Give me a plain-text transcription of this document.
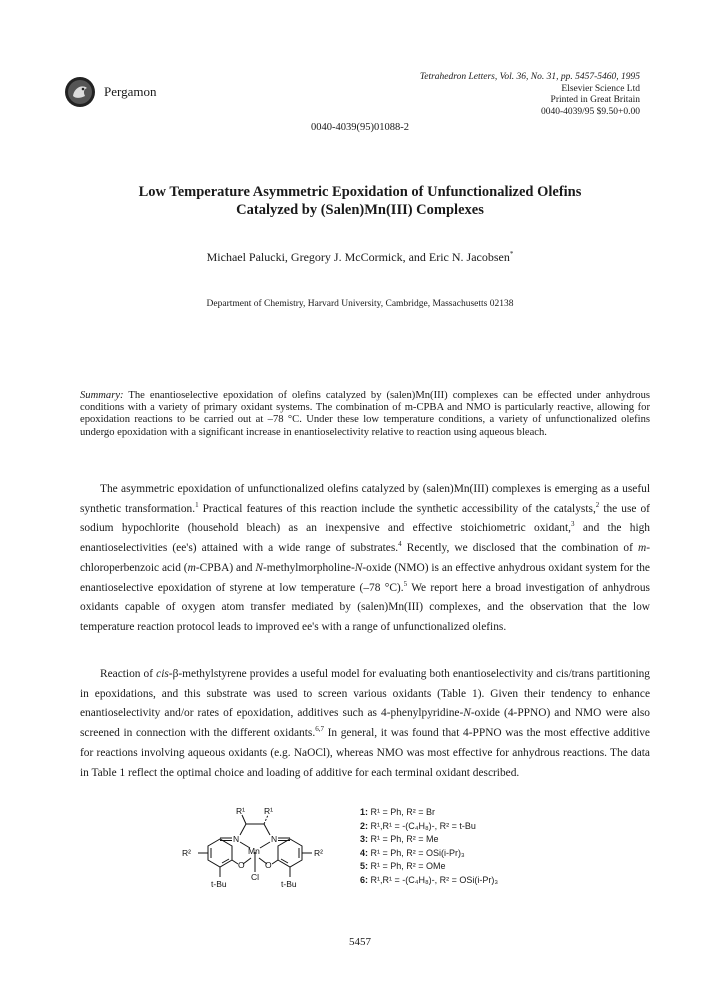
Pergamon
Tetrahedron Letters, Vol. 36, No. 31, pp. 5457-5460, 1995
Elsevier Science Ltd
Printed in Great Britain
0040-4039/95 $9.50+0.00
0040-4039(95)01088-2
Low Temperature Asymmetric Epoxidation of Unfunctionalized Olefins
Catalyzed by (Salen)Mn(III) Complexes
Michael Palucki, Gregory J. McCormick, and Eric N. Jacobsen*
Department of Chemistry, Harvard University, Cambridge, Massachusetts 02138
Summary: The enantioselective epoxidation of olefins catalyzed by (salen)Mn(III) complexes can be effected under anhydrous conditions with a variety of primary oxidant systems. The combination of m-CPBA and NMO is particularly reactive, allowing for epoxidation reactions to be carried out at –78 °C. Under these low temperature conditions, a variety of unfunctionalized olefins undergo epoxidation with a significant increase in enantioselectivity relative to reaction using aqueous bleach.
The asymmetric epoxidation of unfunctionalized olefins catalyzed by (salen)Mn(III) complexes is emerging as a useful synthetic transformation.$^1$ Practical features of this reaction include the synthetic accessibility of the catalysts,$^2$ the use of sodium hypochlorite (household bleach) as an inexpensive and effective stoichiometric oxidant,$^3$ and the high enantioselectivities (ee's) attained with a wide range of substrates.$^4$ Recently, we disclosed that the combination of m-chloroperbenzoic acid (m-CPBA) and N-methylmorpholine-N-oxide (NMO) is an effective anhydrous oxidant system for the enantioselective epoxidation of styrene at low temperature (–78 °C).$^5$ We report here a broad investigation of anhydrous oxidants capable of oxygen atom transfer mediated by (salen)Mn(III) complexes, and the observation that the low temperature reaction protocol leads to improved ee's with a range of unfunctionalized olefins.
Reaction of cis-β-methylstyrene provides a useful model for evaluating both enantioselectivity and cis/trans partitioning in epoxidations, and this substrate was used to screen various oxidants (Table 1). Given their tendency to enhance enantioselectivity and/or rates of epoxidation, additives such as 4-phenylpyridine-N-oxide (4-PPNO) and NMO were also screened in connection with the different oxidants.$^{6,7}$ In general, it was found that 4-PPNO was the most effective additive for reactions involving aqueous oxidants (e.g. NaOCl), whereas NMO was most effective for anhydrous reactions. The data in Table 1 reflect the optimal choice and loading of additive for each terminal oxidant described.
R¹ R¹
N	N
Mn
O O
Cl
R²	R²
t-Bu	t-Bu
1: R¹ = Ph, R² = Br
2: R¹,R¹ = -(C₄H₈)-, R² = t-Bu
3: R¹ = Ph, R² = Me
4: R¹ = Ph, R² = OSi(i-Pr)₃
5: R¹ = Ph, R² = OMe
6: R¹,R¹ = -(C₄H₈)-, R² = OSi(i-Pr)₃
5457
